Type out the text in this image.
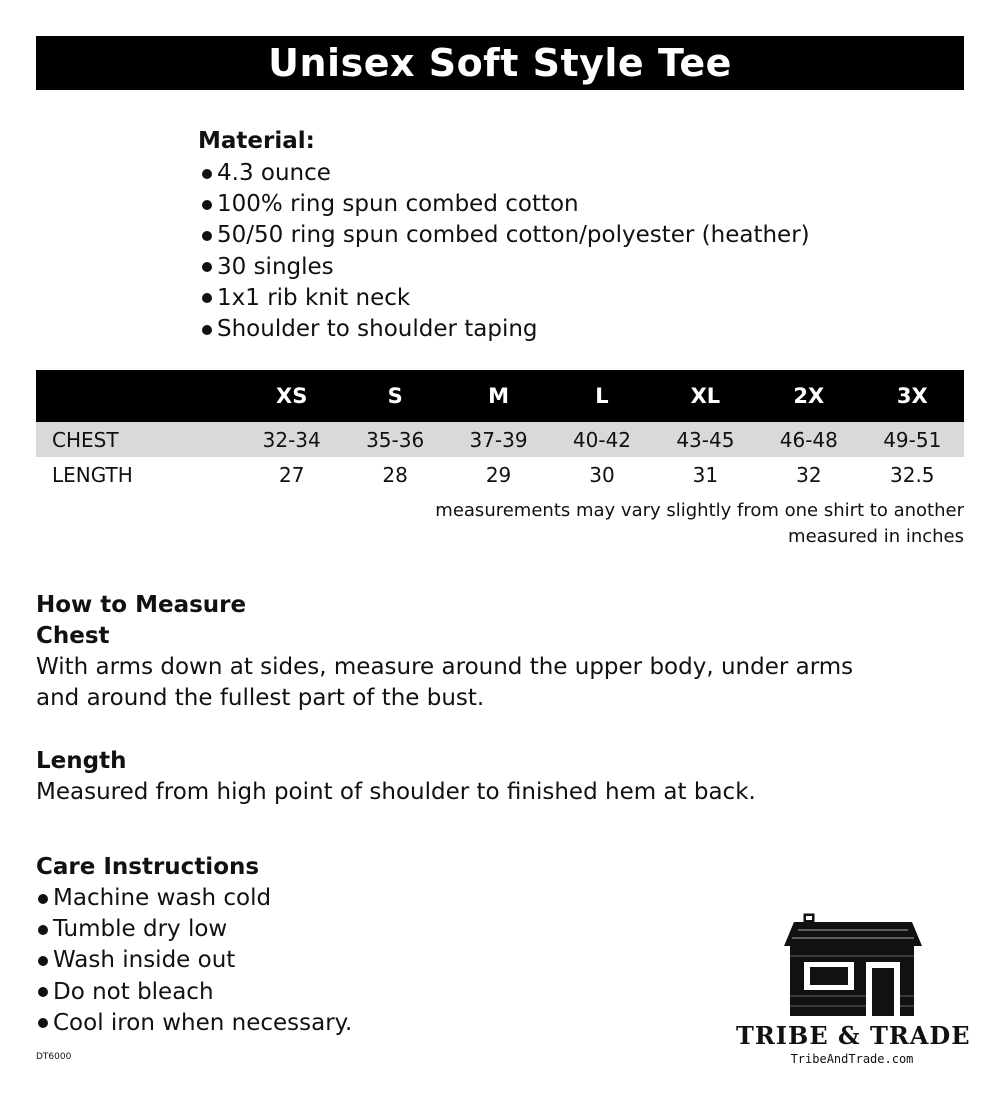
Unisex Soft Style Tee
Material:
4.3 ounce
100% ring spun combed cotton
50/50 ring spun combed cotton/polyester (heather)
30 singles
1x1 rib knit neck
Shoulder to shoulder taping
	XS	S	M	L	XL	2X	3X
CHEST	32-34	35-36	37-39	40-42	43-45	46-48	49-51
LENGTH	27	28	29	30	31	32	32.5
measurements may vary slightly from one shirt to another
measured in inches
How to Measure
Chest

With arms down at sides, measure around the upper body, under arms

and around the fullest part of the bust.

Length

Measured from high point of shoulder to finished hem at back.

Care Instructions
Machine wash cold
Tumble dry low
Wash inside out
Do not bleach
Cool iron when necessary.
DT6000
TRIBE & TRADE
TribeAndTrade.com
